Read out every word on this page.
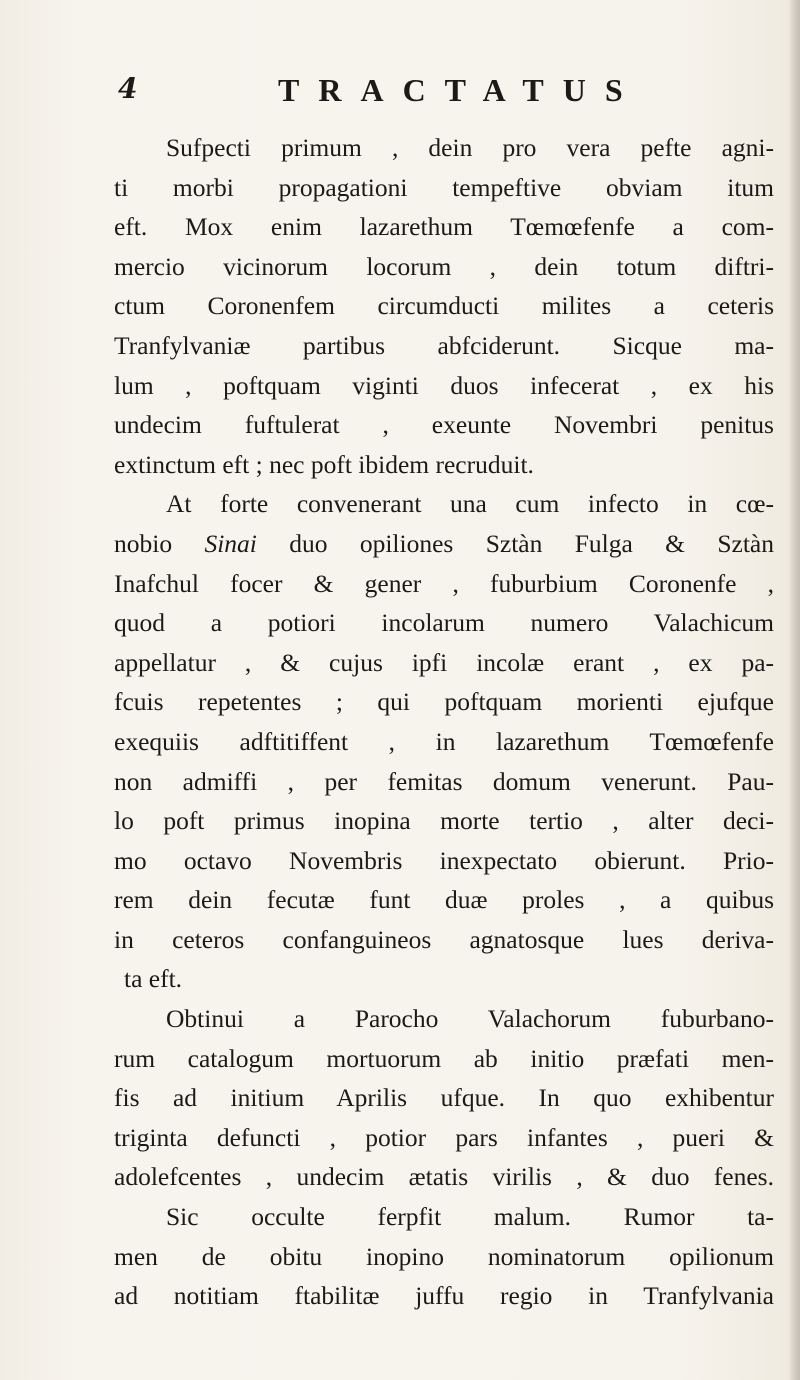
4	TRACTATUS
Sufpecti primum , dein pro vera pefte agni-
ti morbi propagationi tempeftive obviam itum
eft. Mox enim lazarethum Tœmœfenfe a com-
mercio vicinorum locorum , dein totum diftri-
ctum Coronenfem circumducti milites a ceteris
Tranfylvaniæ partibus abfciderunt. Sicque ma-
lum , poftquam viginti duos infecerat , ex his
undecim fuftulerat , exeunte Novembri penitus
extinctum eft ; nec poft ibidem recruduit.
At forte convenerant una cum infecto in cœ-
nobio Sinai duo opiliones Sztàn Fulga & Sztàn
Inafchul focer & gener , fuburbium Coronenfe ,
quod a potiori incolarum numero Valachicum
appellatur , & cujus ipfi incolæ erant , ex pa-
fcuis repetentes ; qui poftquam morienti ejufque
exequiis adftitiffent , in lazarethum Tœmœfenfe
non admiffi , per femitas domum venerunt. Pau-
lo poft primus inopina morte tertio , alter deci-
mo octavo Novembris inexpectato obierunt. Prio-
rem dein fecutæ funt duæ proles , a quibus
in ceteros confanguineos agnatosque lues deriva-
ta eft.
Obtinui a Parocho Valachorum fuburbano-
rum catalogum mortuorum ab initio præfati men-
fis ad initium Aprilis ufque. In quo exhibentur
triginta defuncti , potior pars infantes , pueri &
adolefcentes , undecim ætatis virilis , & duo fenes.
Sic occulte ferpfit malum. Rumor ta-
men de obitu inopino nominatorum opilionum
ad notitiam ftabilitæ juffu regio in Tranfylvania
